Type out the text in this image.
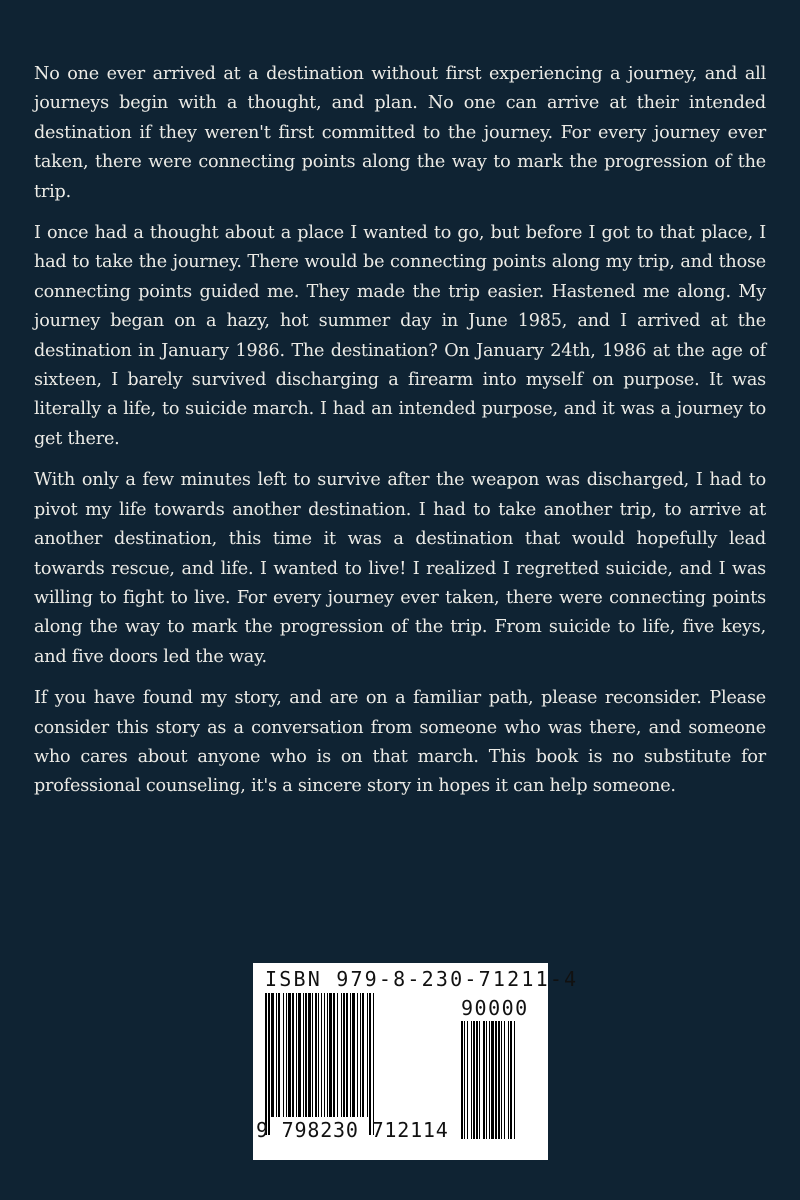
No one ever arrived at a destination without first experiencing a journey, and all journeys begin with a thought, and plan. No one can arrive at their intended destination if they weren't first committed to the journey. For every journey ever taken, there were connecting points along the way to mark the progression of the trip.

I once had a thought about a place I wanted to go, but before I got to that place, I had to take the journey. There would be connecting points along my trip, and those connecting points guided me. They made the trip easier. Hastened me along. My journey began on a hazy, hot summer day in June 1985, and I arrived at the destination in January 1986. The destination? On January 24th, 1986 at the age of sixteen, I barely survived discharging a firearm into myself on purpose. It was literally a life, to suicide march. I had an intended purpose, and it was a journey to get there.

With only a few minutes left to survive after the weapon was discharged, I had to pivot my life towards another destination. I had to take another trip, to arrive at another destination, this time it was a destination that would hopefully lead towards rescue, and life. I wanted to live! I realized I regretted suicide, and I was willing to fight to live. For every journey ever taken, there were connecting points along the way to mark the progression of the trip. From suicide to life, five keys, and five doors led the way.

If you have found my story, and are on a familiar path, please reconsider. Please consider this story as a conversation from someone who was there, and someone who cares about anyone who is on that march. This book is no substitute for professional counseling, it's a sincere story in hopes it can help someone.

ISBN 979-8-230-71211-4
90000
9 798230 712114
